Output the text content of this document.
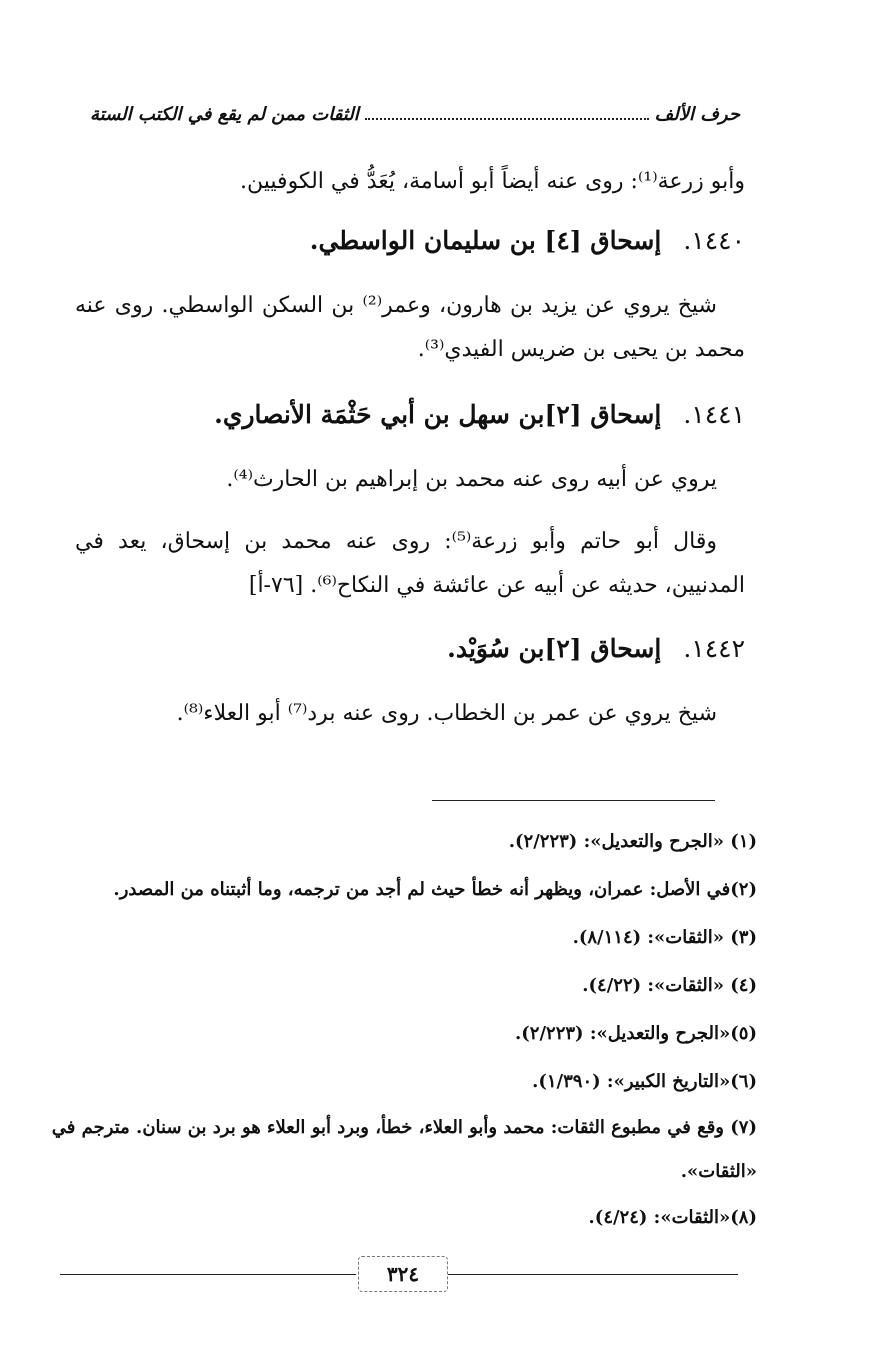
حرف الألف
الثقات ممن لم يقع في الكتب الستة
وأبو زرعة⁽¹⁾: روى عنه أيضاً أبو أسامة، يُعَدُّ في الكوفيين.
١٤٤٠.إسحاق [٤] بن سليمان الواسطي.
شيخ يروي عن يزيد بن هارون، وعمر⁽²⁾ بن السكن الواسطي. روى عنه محمد بن يحيى بن ضريس الفيدي⁽³⁾.
١٤٤١.إسحاق [٢]بن سهل بن أبي حَثْمَة الأنصاري.
يروي عن أبيه روى عنه محمد بن إبراهيم بن الحارث⁽⁴⁾.
وقال أبو حاتم وأبو زرعة⁽⁵⁾: روى عنه محمد بن إسحاق، يعد في المدنيين، حديثه عن أبيه عن عائشة في النكاح⁽⁶⁾. [٧٦-أ]
١٤٤٢.إسحاق [٢]بن سُوَيْد.
شيخ يروي عن عمر بن الخطاب. روى عنه برد⁽⁷⁾ أبو العلاء⁽⁸⁾.
(١) «الجرح والتعديل»: (٢/٢٢٣).
(٢)في الأصل: عمران، ويظهر أنه خطأ حيث لم أجد من ترجمه، وما أثبتناه من المصدر.
(٣) «الثقات»: (٨/١١٤).
(٤) «الثقات»: (٤/٢٢).
(٥)«الجرح والتعديل»: (٢/٢٢٣).
(٦)«التاريخ الكبير»: (١/٣٩٠).
(٧) وقع في مطبوع الثقات: محمد وأبو العلاء، خطأ، وبرد أبو العلاء هو برد بن سنان. مترجم في «الثقات».
(٨)«الثقات»: (٤/٢٤).
٣٢٤
